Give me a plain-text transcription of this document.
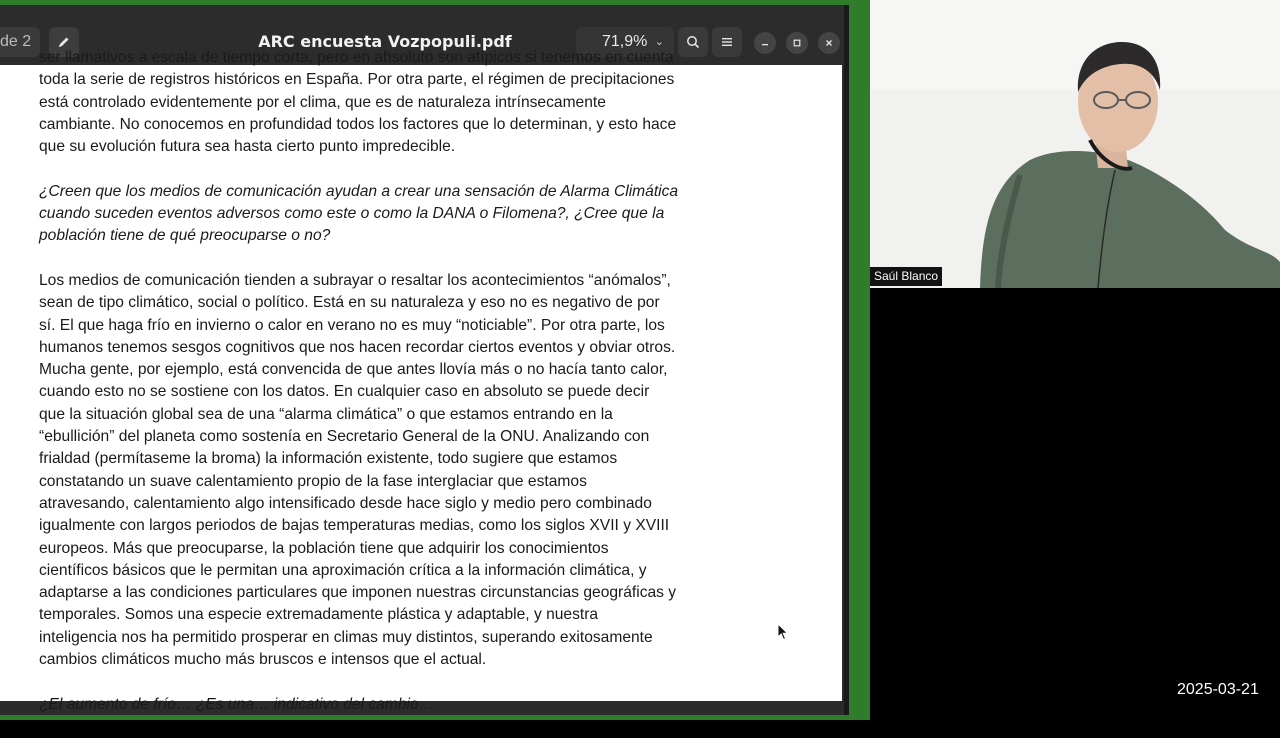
de 2	ARC encuesta Vozpopuli.pdf	71,9% ⌄

ser llamativos a escala de tiempo corta, pero en absoluto son atípicos si tenemos en cuenta
toda la serie de registros históricos en España. Por otra parte, el régimen de precipitaciones
está controlado evidentemente por el clima, que es de naturaleza intrínsecamente
cambiante. No conocemos en profundidad todos los factores que lo determinan, y esto hace
que su evolución futura sea hasta cierto punto impredecible.

¿Creen que los medios de comunicación ayudan a crear una sensación de Alarma Climática
cuando suceden eventos adversos como este o como la DANA o Filomena?, ¿Cree que la
población tiene de qué preocuparse o no?

Los medios de comunicación tienden a subrayar o resaltar los acontecimientos “anómalos”,
sean de tipo climático, social o político. Está en su naturaleza y eso no es negativo de por
sí. El que haga frío en invierno o calor en verano no es muy “noticiable”. Por otra parte, los
humanos tenemos sesgos cognitivos que nos hacen recordar ciertos eventos y obviar otros.
Mucha gente, por ejemplo, está convencida de que antes llovía más o no hacía tanto calor,
cuando esto no se sostiene con los datos. En cualquier caso en absoluto se puede decir
que la situación global sea de una “alarma climática” o que estamos entrando en la
“ebullición” del planeta como sostenía en Secretario General de la ONU. Analizando con
frialdad (permítaseme la broma) la información existente, todo sugiere que estamos
constatando un suave calentamiento propio de la fase interglaciar que estamos
atravesando, calentamiento algo intensificado desde hace siglo y medio pero combinado
igualmente con largos periodos de bajas temperaturas medias, como los siglos XVII y XVIII
europeos. Más que preocuparse, la población tiene que adquirir los conocimientos
científicos básicos que le permitan una aproximación crítica a la información climática, y
adaptarse a las condiciones particulares que imponen nuestras circunstancias geográficas y
temporales. Somos una especie extremadamente plástica y adaptable, y nuestra
inteligencia nos ha permitido prosperar en climas muy distintos, superando exitosamente
cambios climáticos mucho más bruscos e intensos que el actual.

¿El aumento de frío… ¿Es una… indicativo del cambio…

Saúl Blanco
2025-03-21
